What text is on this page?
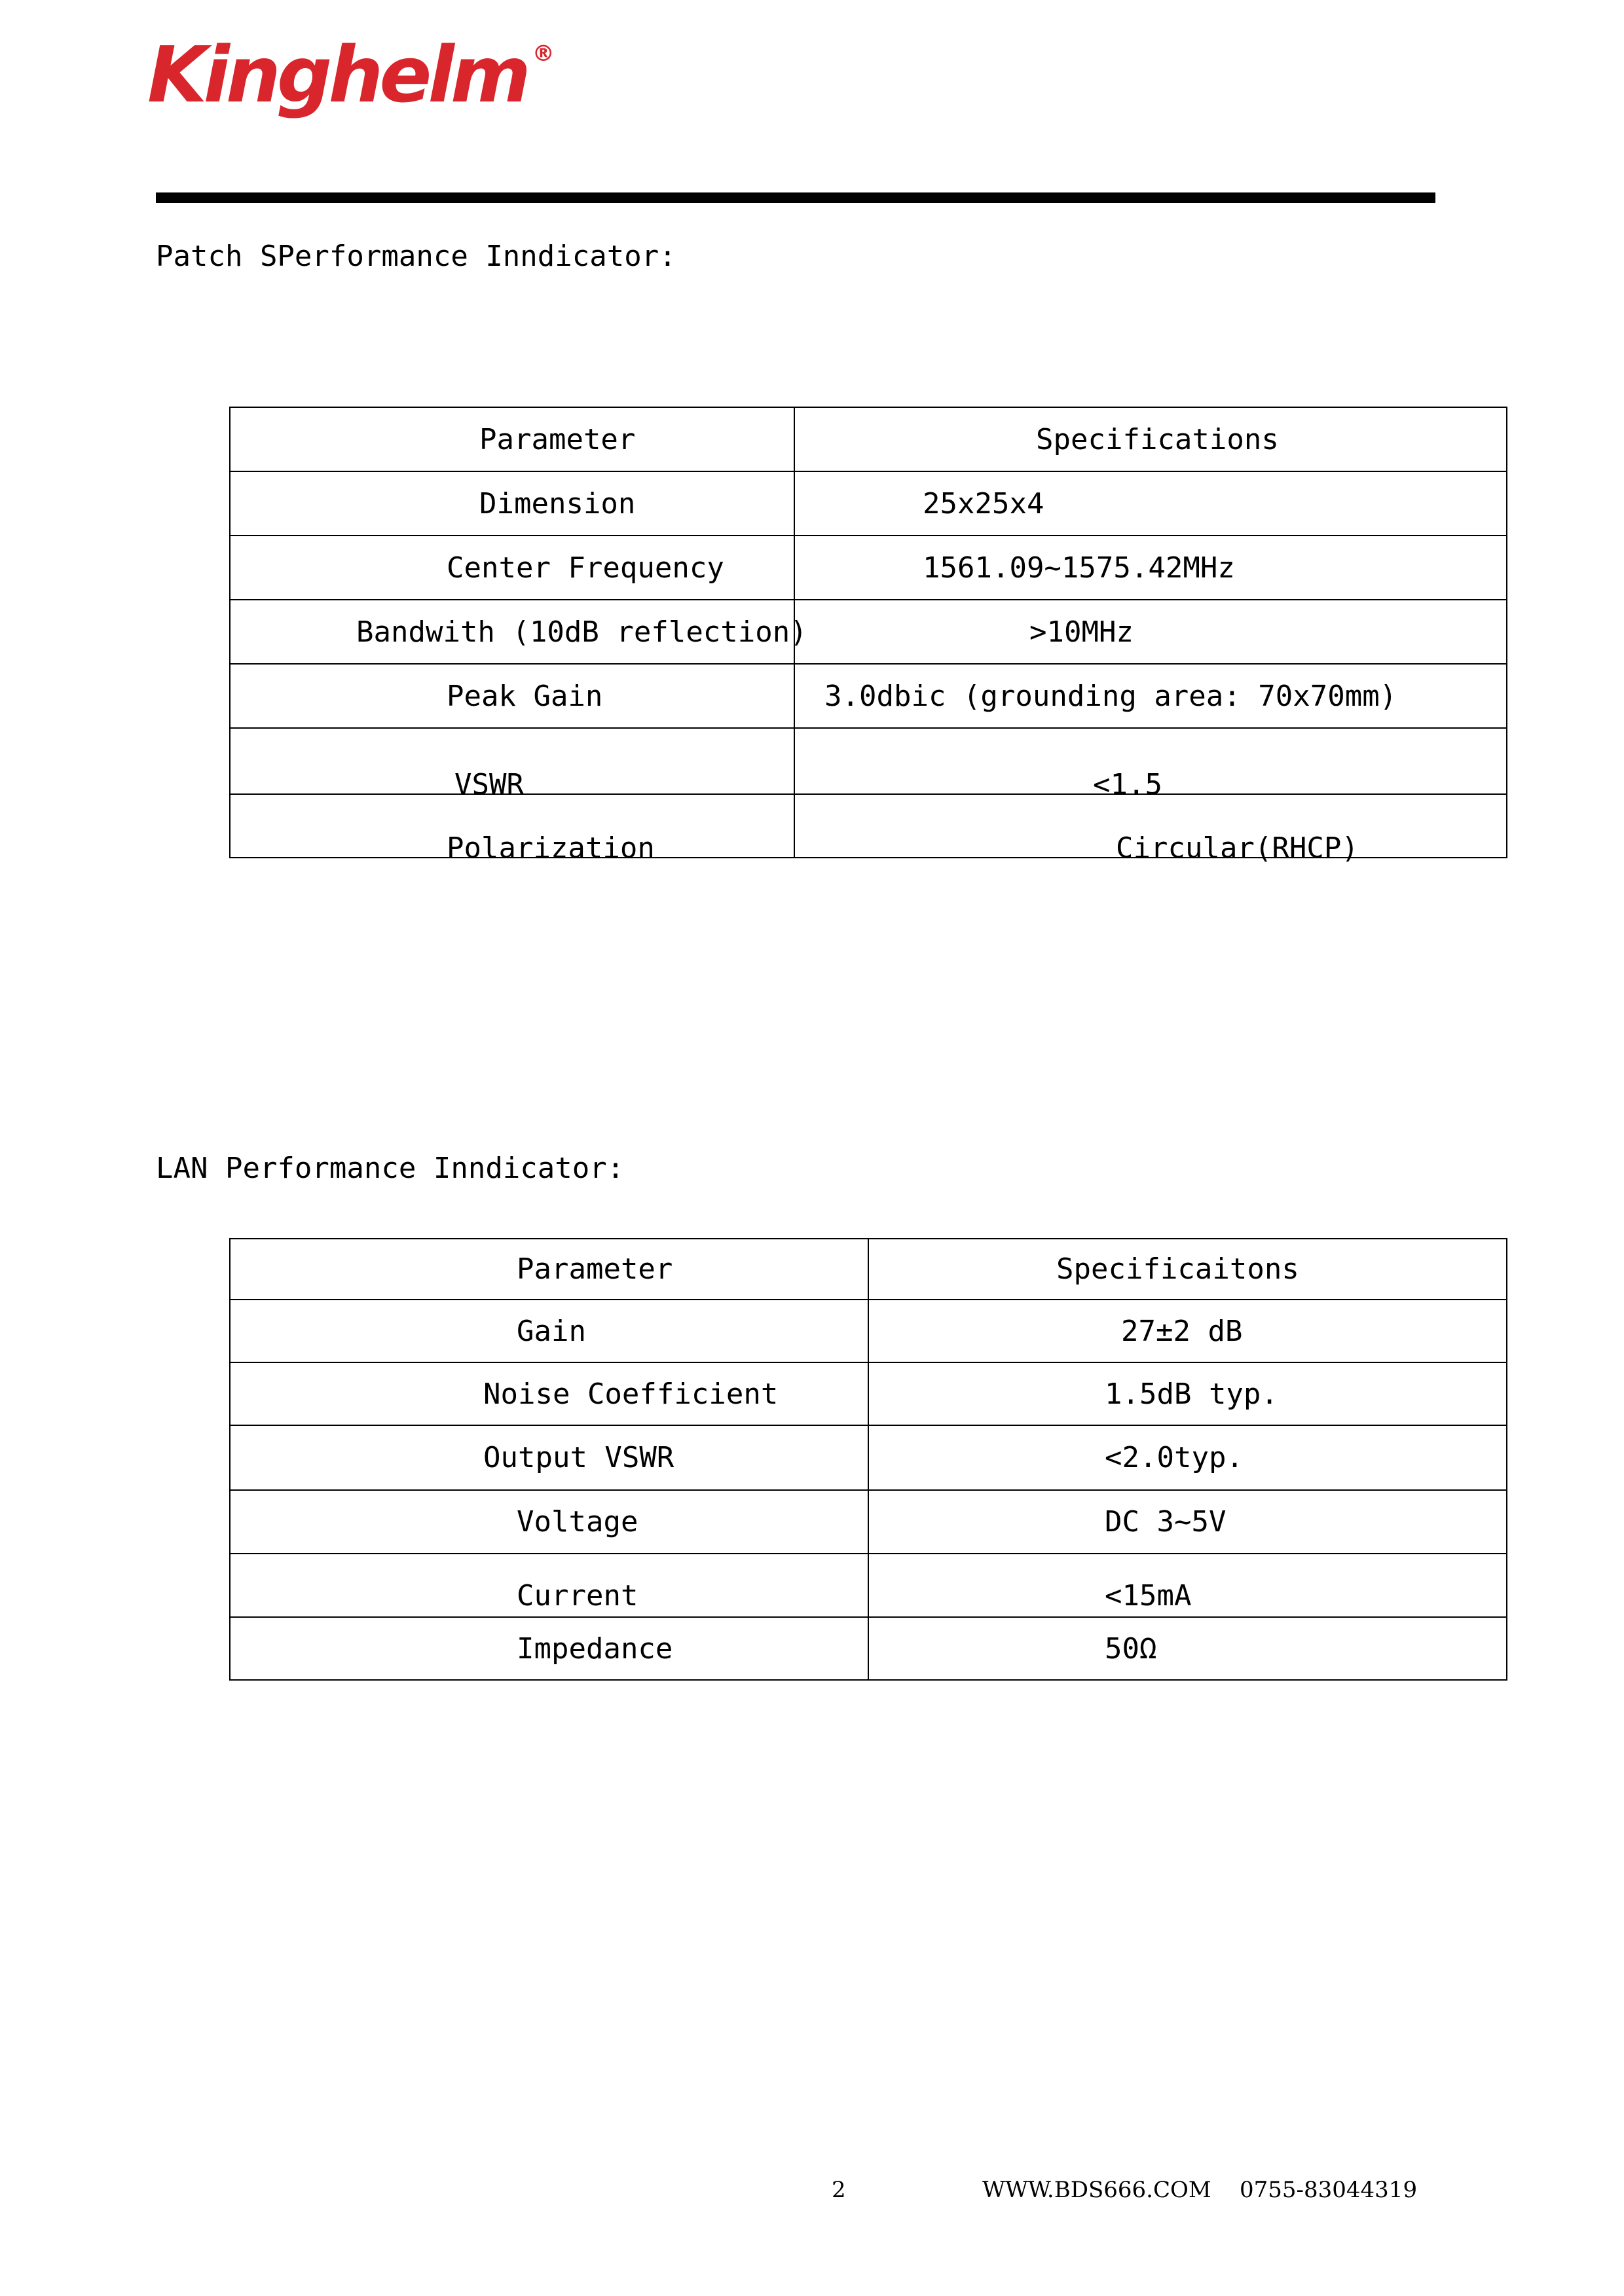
Kinghelm ®
Patch SPerformance Inndicator:
Parameter	Specifications

Dimension	25x25x4

Center Frequency	1561.09~1575.42MHz

Bandwith (10dB reflection)	>10MHz

Peak Gain	3.0dbic (grounding area: 70x70mm)

VSWR	<1.5

Polarization	Circular(RHCP)
LAN Performance Inndicator:
Parameter	Specificaitons

Gain	27±2 dB

Noise Coefficient	1.5dB typ.

Output VSWR	<2.0typ.

Voltage	DC 3~5V

Current	<15mA

Impedance	50Ω
2	WWW.BDS666.COM 0755-83044319
